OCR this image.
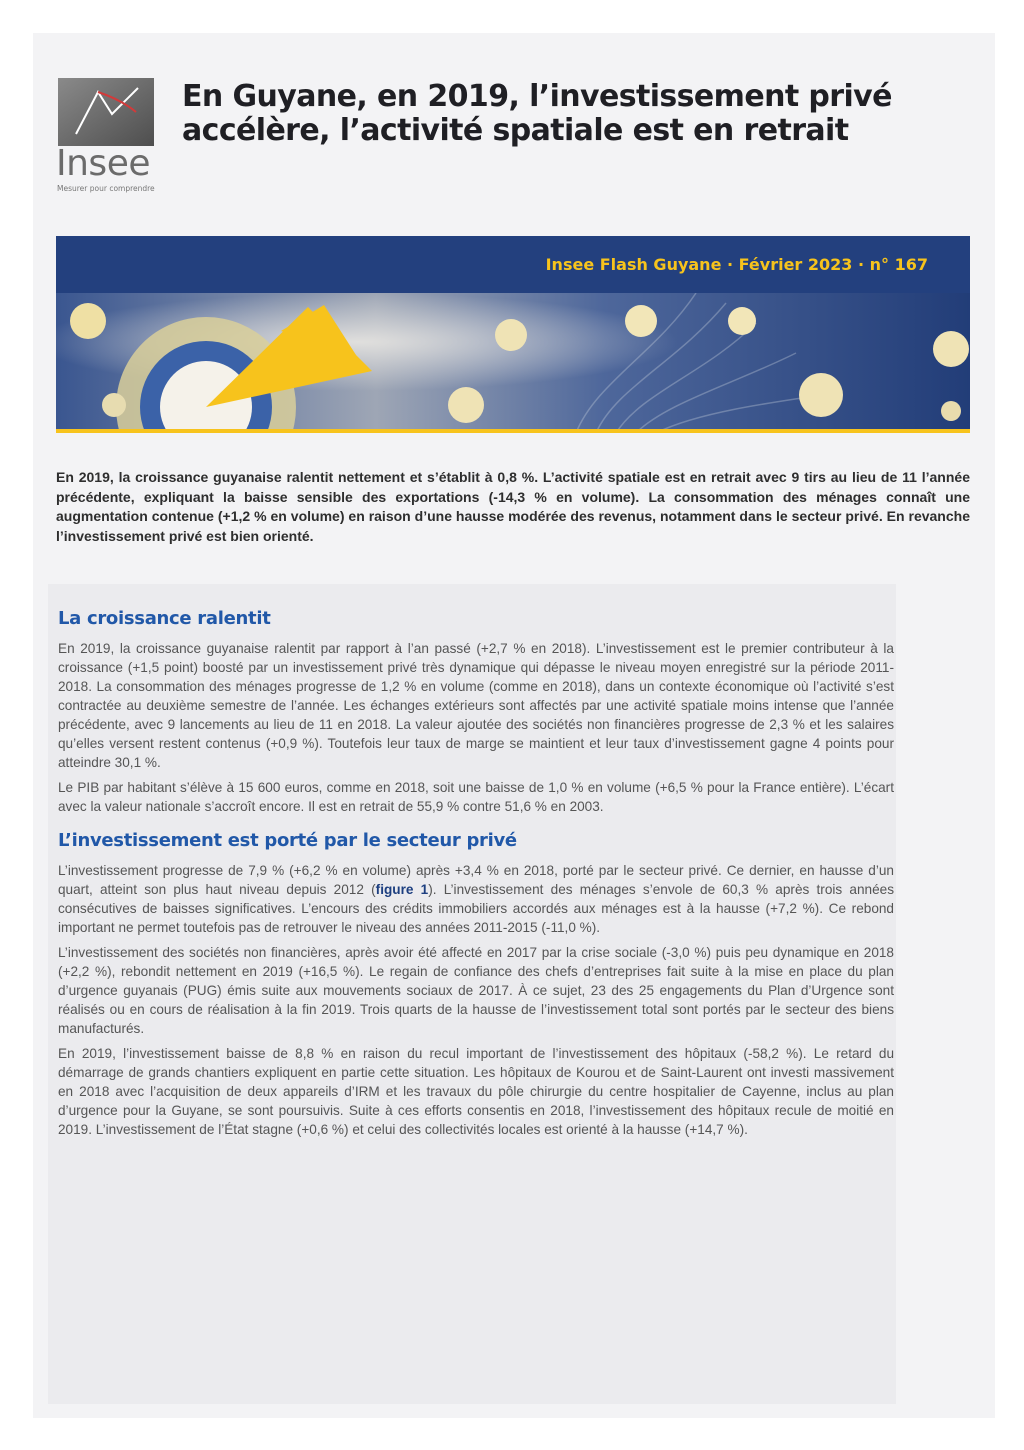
Insee
Mesurer pour comprendre
En Guyane, en 2019, l’investissement privé accélère, l’activité spatiale est en retrait
Insee Flash Guyane · Février 2023 · n° 167

En 2019, la croissance guyanaise ralentit nettement et s’établit à 0,8 %. L’activité spatiale est en retrait avec 9 tirs au lieu de 11 l’année précédente, expliquant la baisse sensible des exportations (-14,3 % en volume). La consommation des ménages connaît une augmentation contenue (+1,2 % en volume) en raison d’une hausse modérée des revenus, notamment dans le secteur privé. En revanche l’investissement privé est bien orienté.

La croissance ralentit

En 2019, la croissance guyanaise ralentit par rapport à l’an passé (+2,7 % en 2018). L’investissement est le premier contributeur à la croissance (+1,5 point) boosté par un investissement privé très dynamique qui dépasse le niveau moyen enregistré sur la période 2011-2018. La consommation des ménages progresse de 1,2 % en volume (comme en 2018), dans un contexte économique où l’activité s’est contractée au deuxième semestre de l’année. Les échanges extérieurs sont affectés par une activité spatiale moins intense que l’année précédente, avec 9 lancements au lieu de 11 en 2018. La valeur ajoutée des sociétés non financières progresse de 2,3 % et les salaires qu’elles versent restent contenus (+0,9 %). Toutefois leur taux de marge se maintient et leur taux d’investissement gagne 4 points pour atteindre 30,1 %.

Le PIB par habitant s’élève à 15 600 euros, comme en 2018, soit une baisse de 1,0 % en volume (+6,5 % pour la France entière). L’écart avec la valeur nationale s’accroît encore. Il est en retrait de 55,9 % contre 51,6 % en 2003.

L’investissement est porté par le secteur privé

L’investissement progresse de 7,9 % (+6,2 % en volume) après +3,4 % en 2018, porté par le secteur privé. Ce dernier, en hausse d’un quart, atteint son plus haut niveau depuis 2012 (figure 1). L’investissement des ménages s’envole de 60,3 % après trois années consécutives de baisses significatives. L’encours des crédits immobiliers accordés aux ménages est à la hausse (+7,2 %). Ce rebond important ne permet toutefois pas de retrouver le niveau des années 2011-2015 (-11,0 %).

L’investissement des sociétés non financières, après avoir été affecté en 2017 par la crise sociale (-3,0 %) puis peu dynamique en 2018 (+2,2 %), rebondit nettement en 2019 (+16,5 %). Le regain de confiance des chefs d’entreprises fait suite à la mise en place du plan d’urgence guyanais (PUG) émis suite aux mouvements sociaux de 2017. À ce sujet, 23 des 25 engagements du Plan d’Urgence sont réalisés ou en cours de réalisation à la fin 2019. Trois quarts de la hausse de l’investissement total sont portés par le secteur des biens manufacturés.

En 2019, l’investissement baisse de 8,8 % en raison du recul important de l’investissement des hôpitaux (-58,2 %). Le retard du démarrage de grands chantiers expliquent en partie cette situation. Les hôpitaux de Kourou et de Saint-Laurent ont investi massivement en 2018 avec l’acquisition de deux appareils d’IRM et les travaux du pôle chirurgie du centre hospitalier de Cayenne, inclus au plan d’urgence pour la Guyane, se sont poursuivis. Suite à ces efforts consentis en 2018, l’investissement des hôpitaux recule de moitié en 2019. L’investissement de l’État stagne (+0,6 %) et celui des collectivités locales est orienté à la hausse (+14,7 %).
